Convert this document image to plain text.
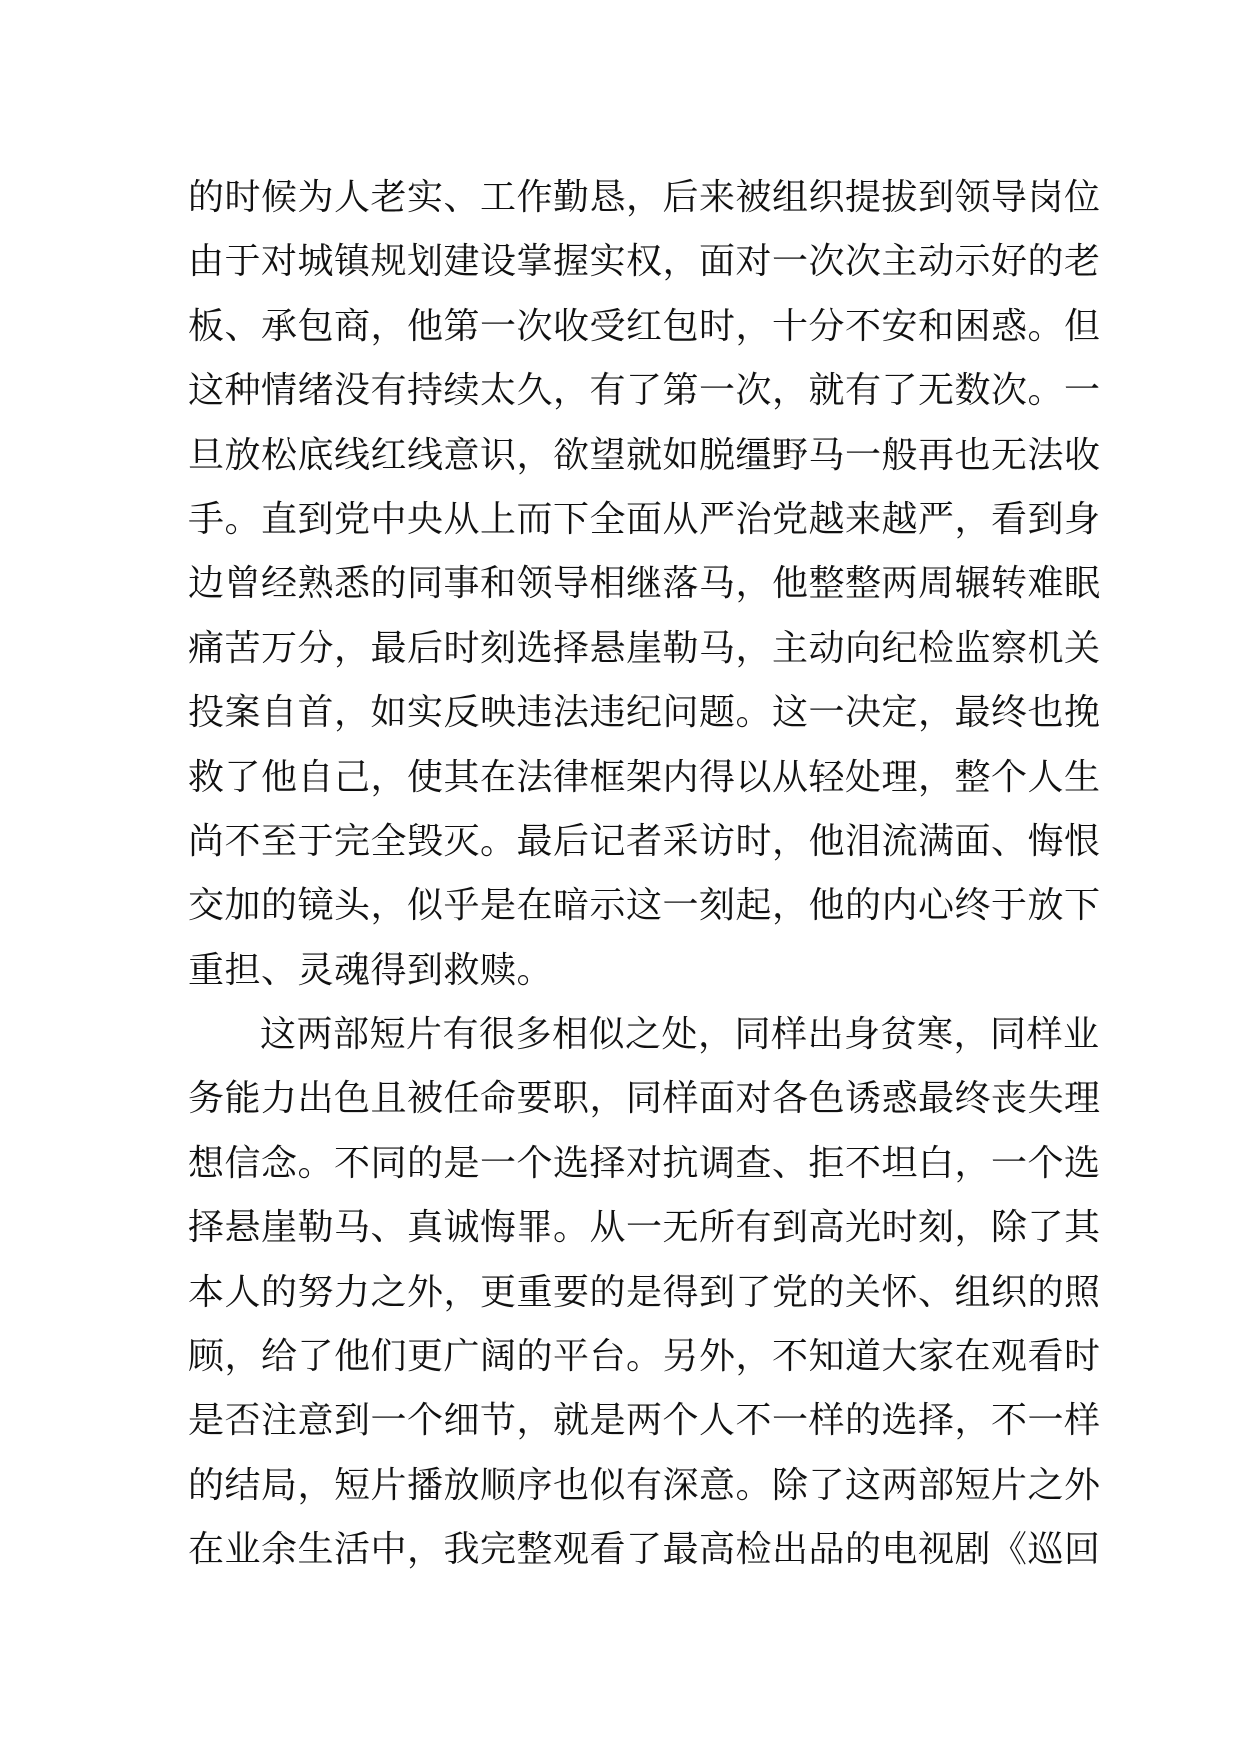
的时候为人老实、工作勤恳，后来被组织提拔到领导岗位
由于对城镇规划建设掌握实权，面对一次次主动示好的老
板、承包商，他第一次收受红包时，十分不安和困惑。但
这种情绪没有持续太久，有了第一次，就有了无数次。一
旦放松底线红线意识，欲望就如脱缰野马一般再也无法收
手。直到党中央从上而下全面从严治党越来越严，看到身
边曾经熟悉的同事和领导相继落马，他整整两周辗转难眠
痛苦万分，最后时刻选择悬崖勒马，主动向纪检监察机关
投案自首，如实反映违法违纪问题。这一决定，最终也挽
救了他自己，使其在法律框架内得以从轻处理，整个人生
尚不至于完全毁灭。最后记者采访时，他泪流满面、悔恨
交加的镜头，似乎是在暗示这一刻起，他的内心终于放下
重担、灵魂得到救赎。
这两部短片有很多相似之处，同样出身贫寒，同样业
务能力出色且被任命要职，同样面对各色诱惑最终丧失理
想信念。不同的是一个选择对抗调查、拒不坦白，一个选
择悬崖勒马、真诚悔罪。从一无所有到高光时刻，除了其
本人的努力之外，更重要的是得到了党的关怀、组织的照
顾，给了他们更广阔的平台。另外，不知道大家在观看时
是否注意到一个细节，就是两个人不一样的选择，不一样
的结局，短片播放顺序也似有深意。除了这两部短片之外
在业余生活中，我完整观看了最高检出品的电视剧《巡回
